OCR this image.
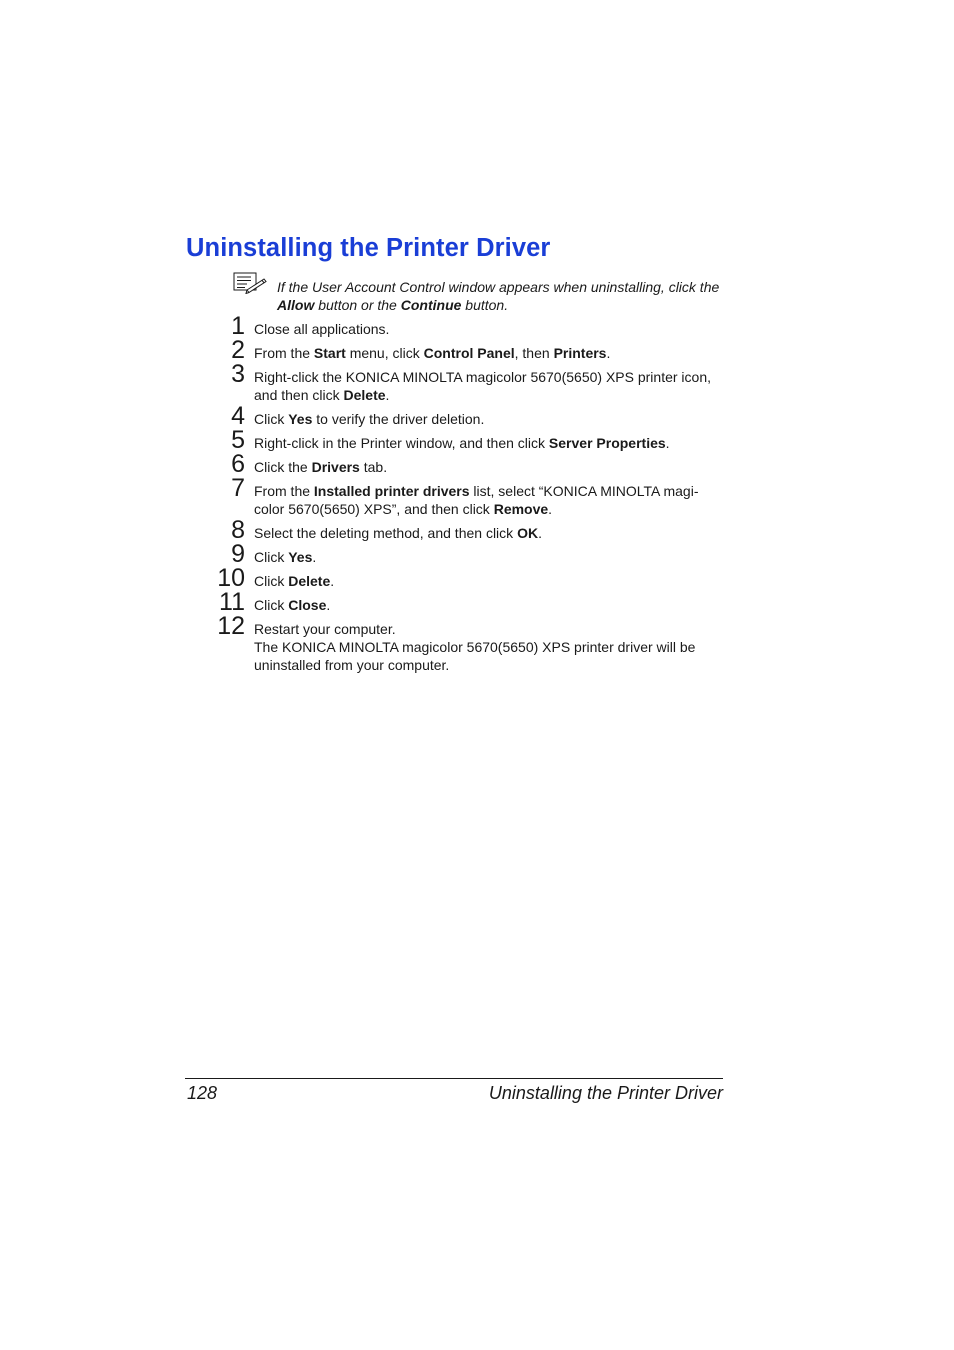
Uninstalling the Printer Driver
If the User Account Control window appears when uninstalling, click the Allow button or the Continue button.
1 Close all applications.
2 From the Start menu, click Control Panel, then Printers.
3 Right-click the KONICA MINOLTA magicolor 5670(5650) XPS printer icon, and then click Delete.
4 Click Yes to verify the driver deletion.
5 Right-click in the Printer window, and then click Server Properties.
6 Click the Drivers tab.
7 From the Installed printer drivers list, select “KONICA MINOLTA magi-color 5670(5650) XPS”, and then click Remove.
8 Select the deleting method, and then click OK.
9 Click Yes.
10 Click Delete.
11 Click Close.
12 Restart your computer.
The KONICA MINOLTA magicolor 5670(5650) XPS printer driver will be uninstalled from your computer.
128	Uninstalling the Printer Driver
